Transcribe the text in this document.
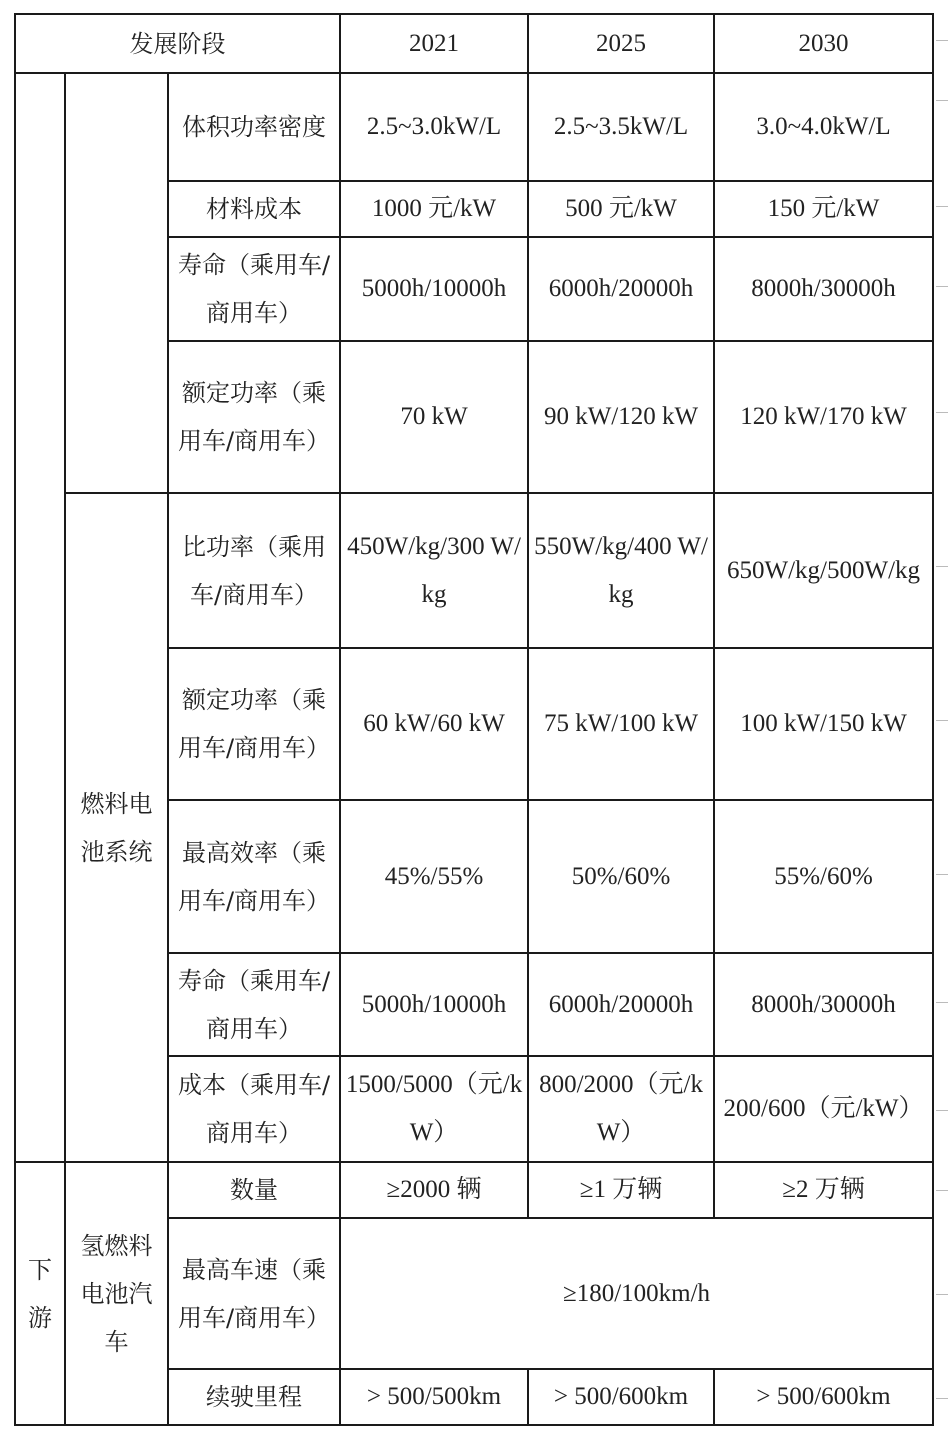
发展阶段			2021	2025	2030
		体积功率密度	2.5~3.0kW/L	2.5~3.5kW/L	3.0~4.0kW/L
		材料成本	1000 元/kW	500 元/kW	150 元/kW
		寿命（乘用车/商用车）	5000h/10000h	6000h/20000h	8000h/30000h
		额定功率（乘用车/商用车）	70 kW	90 kW/120 kW	120 kW/170 kW
	燃料电池系统	比功率（乘用车/商用车）	450W/kg/300 W/kg	550W/kg/400 W/kg	650W/kg/500W/kg
		额定功率（乘用车/商用车）	60 kW/60 kW	75 kW/100 kW	100 kW/150 kW
		最高效率（乘用车/商用车）	45%/55%	50%/60%	55%/60%
		寿命（乘用车/商用车）	5000h/10000h	6000h/20000h	8000h/30000h
		成本（乘用车/商用车）	1500/5000（元/kW）	800/2000（元/kW）	200/600（元/kW）
下游	氢燃料电池汽车	数量	≥2000 辆	≥1 万辆	≥2 万辆
		最高车速（乘用车/商用车）	≥180/100km/h		
		续驶里程	> 500/500km	> 500/600km	> 500/600km
